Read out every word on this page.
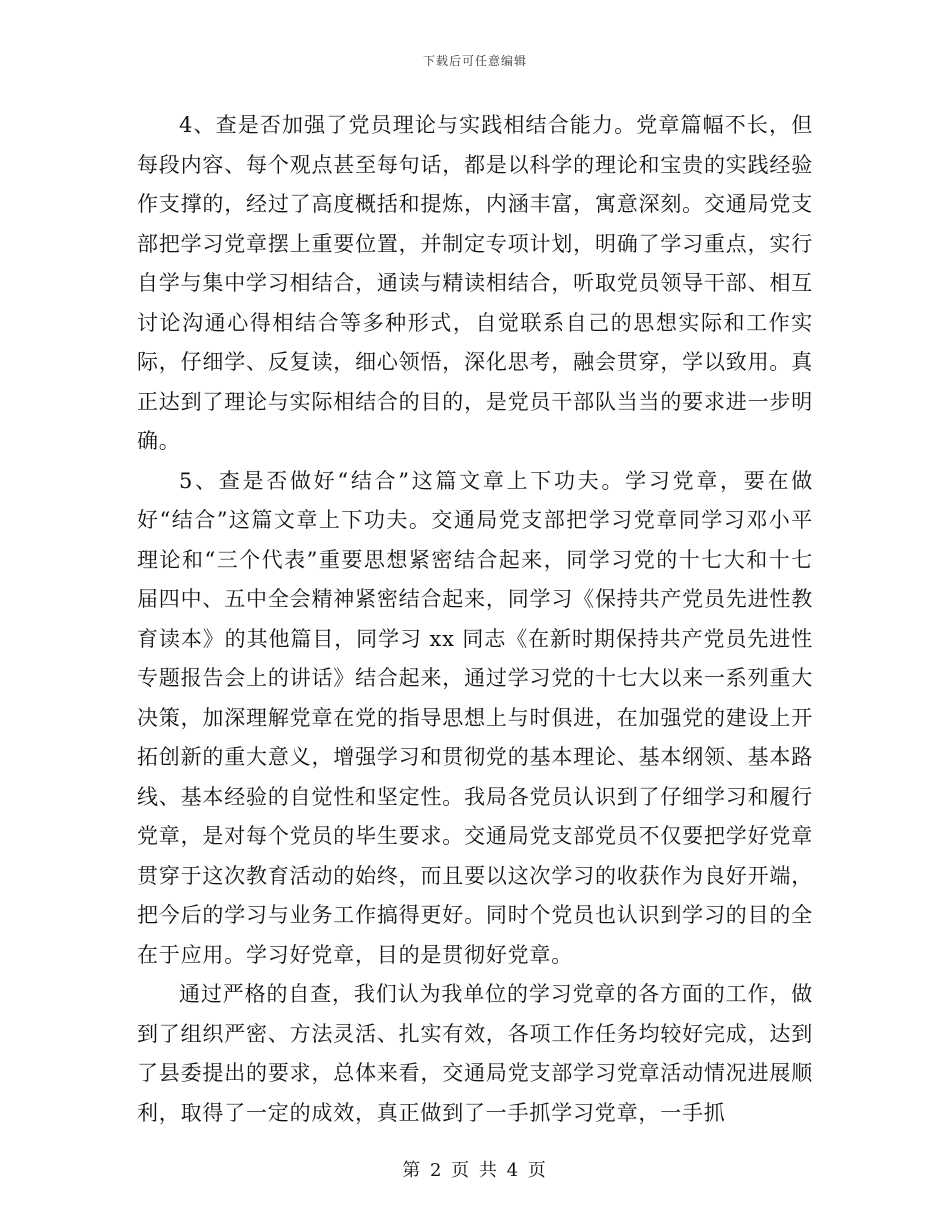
下载后可任意编辑

4、查是否加强了党员理论与实践相结合能力。党章篇幅不长，但每段内容、每个观点甚至每句话，都是以科学的理论和宝贵的实践经验作支撑的，经过了高度概括和提炼，内涵丰富，寓意深刻。交通局党支部把学习党章摆上重要位置，并制定专项计划，明确了学习重点，实行自学与集中学习相结合，通读与精读相结合，听取党员领导干部、相互讨论沟通心得相结合等多种形式，自觉联系自己的思想实际和工作实际，仔细学、反复读，细心领悟，深化思考，融会贯穿，学以致用。真正达到了理论与实际相结合的目的，是党员干部队当当的要求进一步明确。

5、查是否做好“结合”这篇文章上下功夫。学习党章，要在做好“结合”这篇文章上下功夫。交通局党支部把学习党章同学习邓小平理论和“三个代表”重要思想紧密结合起来，同学习党的十七大和十七届四中、五中全会精神紧密结合起来，同学习《保持共产党员先进性教育读本》的其他篇目，同学习 xx 同志《在新时期保持共产党员先进性专题报告会上的讲话》结合起来，通过学习党的十七大以来一系列重大决策，加深理解党章在党的指导思想上与时俱进，在加强党的建设上开拓创新的重大意义，增强学习和贯彻党的基本理论、基本纲领、基本路线、基本经验的自觉性和坚定性。我局各党员认识到了仔细学习和履行党章，是对每个党员的毕生要求。交通局党支部党员不仅要把学好党章贯穿于这次教育活动的始终，而且要以这次学习的收获作为良好开端，把今后的学习与业务工作搞得更好。同时个党员也认识到学习的目的全在于应用。学习好党章，目的是贯彻好党章。

通过严格的自查，我们认为我单位的学习党章的各方面的工作，做到了组织严密、方法灵活、扎实有效，各项工作任务均较好完成，达到了县委提出的要求，总体来看，交通局党支部学习党章活动情况进展顺利，取得了一定的成效，真正做到了一手抓学习党章，一手抓

第 2 页 共 4 页
